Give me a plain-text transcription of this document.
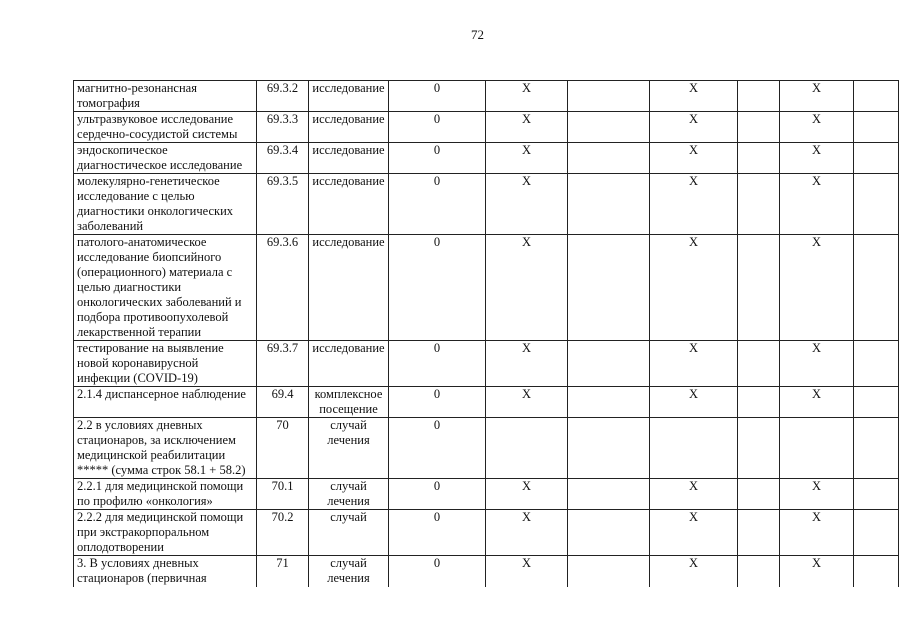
72
магнитно-резонансная томография	69.3.2	исследование	0	X		X		X	
ультразвуковое исследование сердечно-сосудистой системы	69.3.3	исследование	0	X		X		X	
эндоскопическое диагностическое исследование	69.3.4	исследование	0	X		X		X	
молекулярно-генетическое исследование с целью диагностики онкологических заболеваний	69.3.5	исследование	0	X		X		X	
патолого-анатомическое исследование биопсийного (операционного) материала с целью диагностики онкологических заболеваний и подбора противоопухолевой лекарственной терапии	69.3.6	исследование	0	X		X		X	
тестирование на выявление новой коронавирусной инфекции (COVID-19)	69.3.7	исследование	0	X		X		X	
2.1.4 диспансерное наблюдение	69.4	комплексное посещение	0	X		X		X	
2.2 в условиях дневных стационаров, за исключением медицинской реабилитации ***** (сумма строк 58.1 + 58.2)	70	случай лечения	0						
2.2.1 для медицинской помощи по профилю «онкология»	70.1	случай лечения	0	X		X		X	
2.2.2 для медицинской помощи при экстракорпоральном оплодотворении	70.2	случай	0	X		X		X	
3. В условиях дневных стационаров (первичная	71	случай лечения	0	X		X		X	
